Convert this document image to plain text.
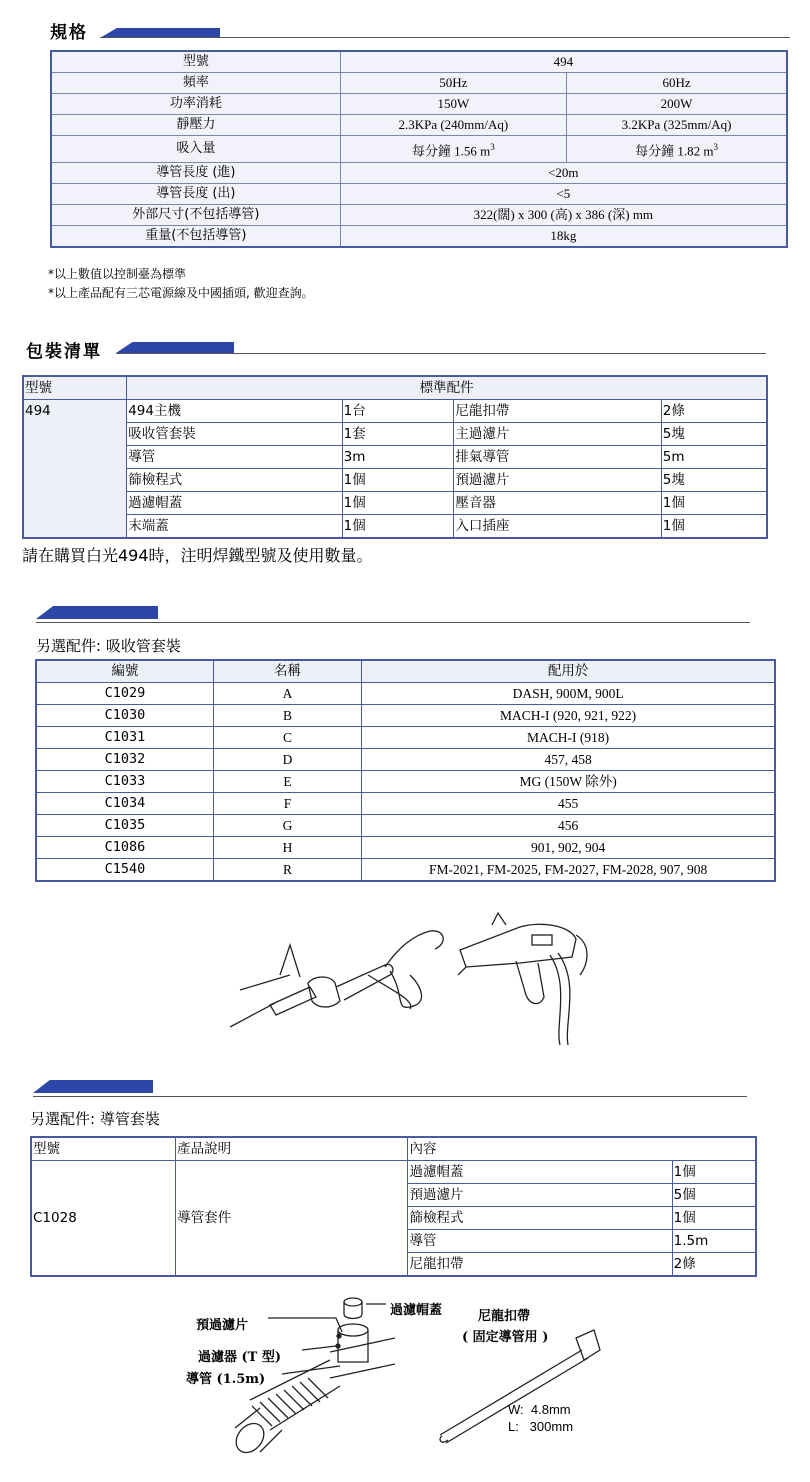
規格
型號	494	
頻率	50Hz	60Hz
功率消耗	150W	200W
靜壓力	2.3KPa (240mm/Aq)	3.2KPa (325mm/Aq)
吸入量	每分鐘 1.56 $m^3$	每分鐘 1.82 $m^3$
導管長度 (進)	<20m	
導管長度 (出)	<5	
外部尺寸(不包括導管)	322(闊) x 300 (高) x 386 (深) mm	
重量(不包括導管)	18kg	
*以上數值以控制臺為標準
*以上產品配有三芯電源線及中國插頭, 歡迎查詢。
包裝清單
型號	標準配件			
494	494主機	1台	尼龍扣帶	2條
	吸收管套裝	1套	主過濾片	5塊
	導管	3m	排氣導管	5m
	篩檢程式	1個	預過濾片	5塊
	過濾帽蓋	1個	壓音器	1個
	末端蓋	1個	入口插座	1個
請在購買白光494時，注明焊鐵型號及使用數量。
另選配件: 吸收管套裝
編號	名稱	配用於
C1029	A	DASH, 900M, 900L
C1030	B	MACH-I (920, 921, 922)
C1031	C	MACH-I (918)
C1032	D	457, 458
C1033	E	MG (150W 除外)
C1034	F	455
C1035	G	456
C1086	H	901, 902, 904
C1540	R	FM-2021, FM-2025, FM-2027, FM-2028, 907, 908
另選配件: 導管套裝
型號	產品說明	內容	
C1028	導管套件	過濾帽蓋	1個
		預過濾片	5個
		篩檢程式	1個
		導管	1.5m
		尼龍扣帶	2條
預過濾片
過濾帽蓋
過濾器 (T 型)
導管 (1.5m)
尼龍扣帶
( 固定導管用 )
W:  4.8mm
L:   300mm
